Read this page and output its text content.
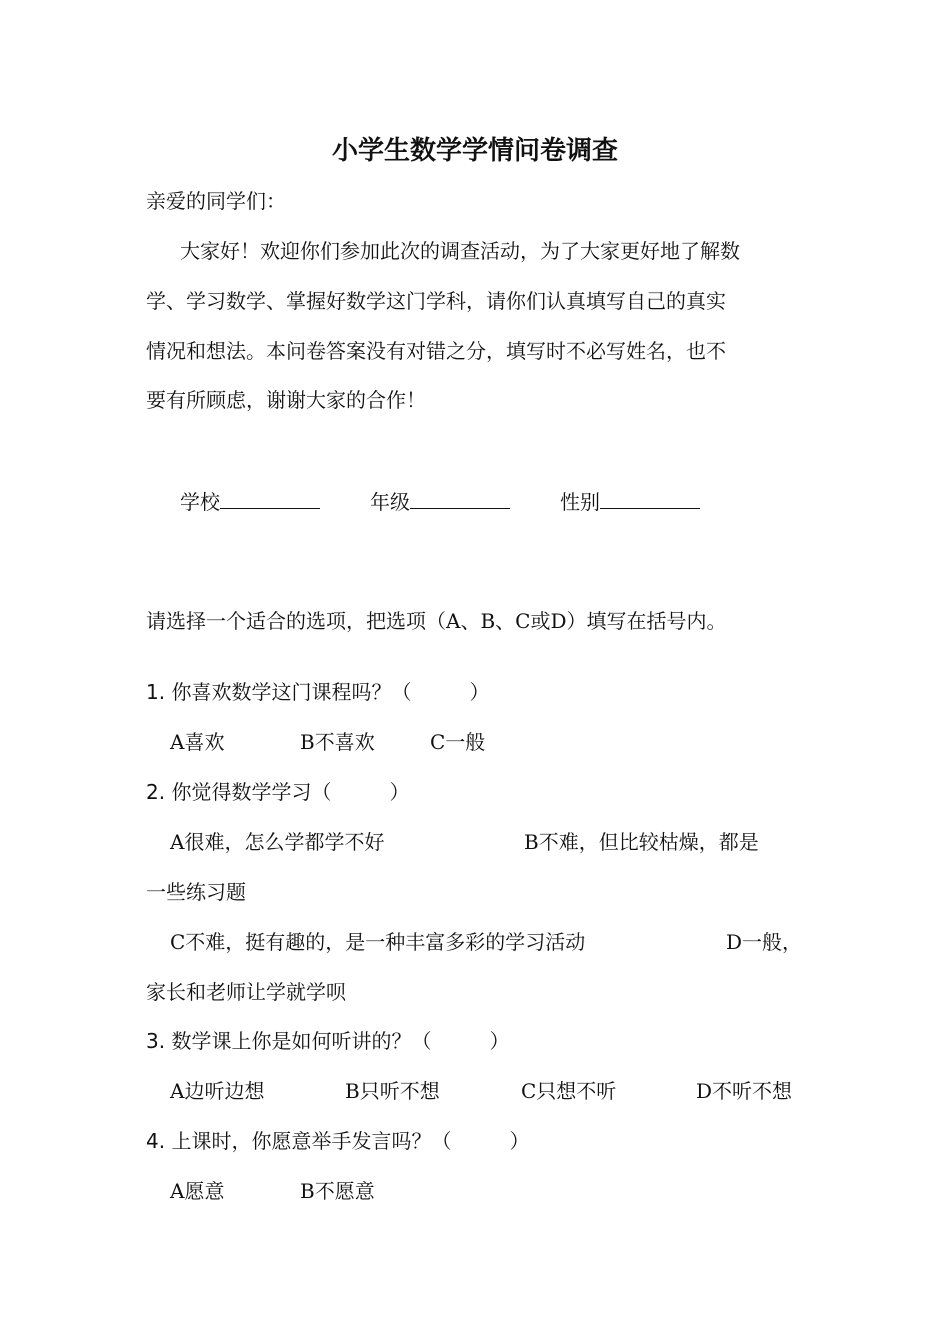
小学生数学学情问卷调查
亲爱的同学们：
大家好！欢迎你们参加此次的调查活动，为了大家更好地了解数
学、学习数学、掌握好数学这门学科，请你们认真填写自己的真实
情况和想法。本问卷答案没有对错之分，填写时不必写姓名，也不
要有所顾虑，谢谢大家的合作！
学校	年级	性别
请选择一个适合的选项，把选项（A、B、C或D）填写在括号内。
1. 你喜欢数学这门课程吗？（	）
A喜欢	B不喜欢	C一般
2. 你觉得数学学习（	）
A很难，怎么学都学不好	B不难，但比较枯燥，都是
一些练习题
C不难，挺有趣的，是一种丰富多彩的学习活动	D一般，
家长和老师让学就学呗
3. 数学课上你是如何听讲的？（	）
A边听边想	B只听不想	C只想不听	D不听不想
4. 上课时，你愿意举手发言吗？（	）
A愿意	B不愿意
